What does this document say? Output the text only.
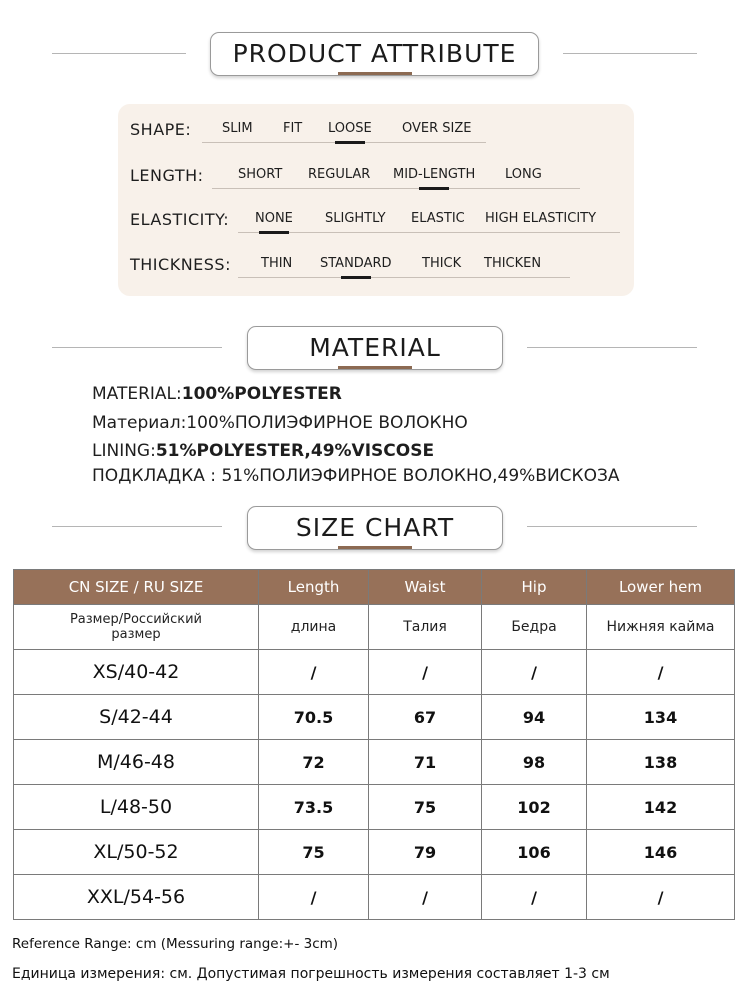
PRODUCT ATTRIBUTE
SHAPE: SLIM FIT LOOSE OVER SIZE
LENGTH:	SHORT REGULAR MID-LENGTH LONG
ELASTICITY: NONE SLIGHTLY ELASTIC HIGH ELASTICITY
THICKNESS: THIN STANDARD THICK THICKEN
MATERIAL
MATERIAL:100%POLYESTER
Материал:100%ПОЛИЭФИРНОЕ ВОЛОКНО
LINING:51%POLYESTER,49%VISCOSE
ПОДКЛАДКА : 51%ПОЛИЭФИРНОЕ ВОЛОКНО,49%ВИСКОЗА
SIZE CHART
CN SIZE / RU SIZE	Length	Waist	Hip	Lower hem
Размер/Российский размер	длина	Талия	Бедра	Нижняя кайма
XS/40-42	/	/	/	/
S/42-44	70.5	67	94	134
M/46-48	72	71	98	138
L/48-50	73.5	75	102	142
XL/50-52	75	79	106	146
XXL/54-56	/	/	/	/
Reference Range: cm (Messuring range:+- 3cm)
Единица измерения: см. Допустимая погрешность измерения составляет 1-3 см
